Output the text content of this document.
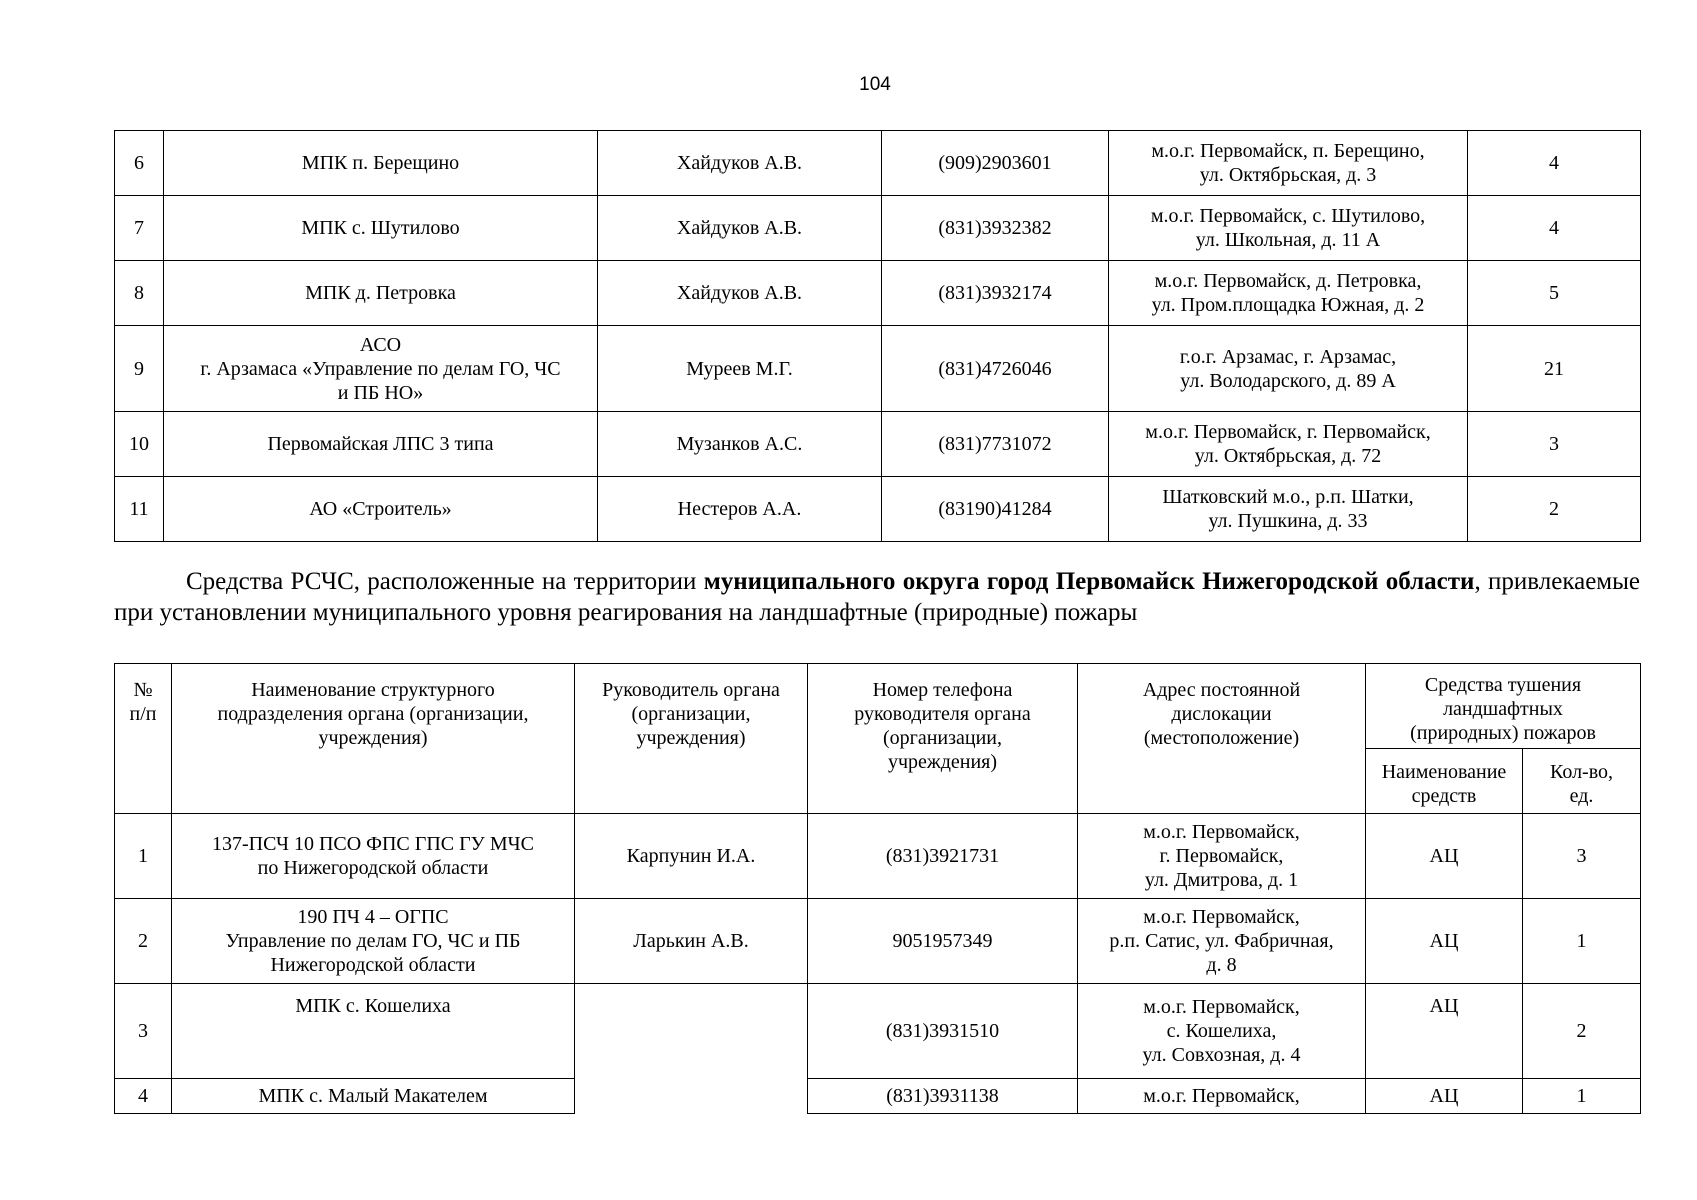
104
6	МПК п. Берещино	Хайдуков А.В.	(909)2903601	м.о.г. Первомайск, п. Берещино,
ул. Октябрьская, д. 3	4
7	МПК с. Шутилово	Хайдуков А.В.	(831)3932382	м.о.г. Первомайск, с. Шутилово,
ул. Школьная, д. 11 А	4
8	МПК д. Петровка	Хайдуков А.В.	(831)3932174	м.о.г. Первомайск, д. Петровка,
ул. Пром.площадка Южная, д. 2	5
9	АСО
г. Арзамаса «Управление по делам ГО, ЧС
и ПБ НО»	Муреев М.Г.	(831)4726046	г.о.г. Арзамас, г. Арзамас,
ул. Володарского, д. 89 А	21
10	Первомайская ЛПС 3 типа	Музанков А.С.	(831)7731072	м.о.г. Первомайск, г. Первомайск,
ул. Октябрьская, д. 72	3
11	АО «Строитель»	Нестеров А.А.	(83190)41284	Шатковский м.о., р.п. Шатки,
ул. Пушкина, д. 33	2
Средства РСЧС, расположенные на территории муниципального округа город Первомайск Нижегородской области, привлекаемые при установлении муниципального уровня реагирования на ландшафтные (природные) пожары
№
п/п	Наименование структурного
подразделения органа (организации,
учреждения)	Руководитель органа
(организации,
учреждения)	Номер телефона
руководителя органа
(организации,
учреждения)	Адрес постоянной
дислокации
(местоположение)	Средства тушения
ландшафтных
(природных) пожаров	
					Наименование
средств	Кол-во,
ед.
1	137-ПСЧ 10 ПСО ФПС ГПС ГУ МЧС
по Нижегородской области	Карпунин И.А.	(831)3921731	м.о.г. Первомайск,
г. Первомайск,
ул. Дмитрова, д. 1	АЦ	3
2	190 ПЧ 4 – ОГПС
Управление по делам ГО, ЧС и ПБ
Нижегородской области	Ларькин А.В.	9051957349	м.о.г. Первомайск,
р.п. Сатис, ул. Фабричная,
д. 8	АЦ	1
3	МПК с. Кошелиха		(831)3931510	м.о.г. Первомайск,
с. Кошелиха,
ул. Совхозная, д. 4	АЦ	2
4	МПК с. Малый Макателем		(831)3931138	м.о.г. Первомайск,	АЦ	1
